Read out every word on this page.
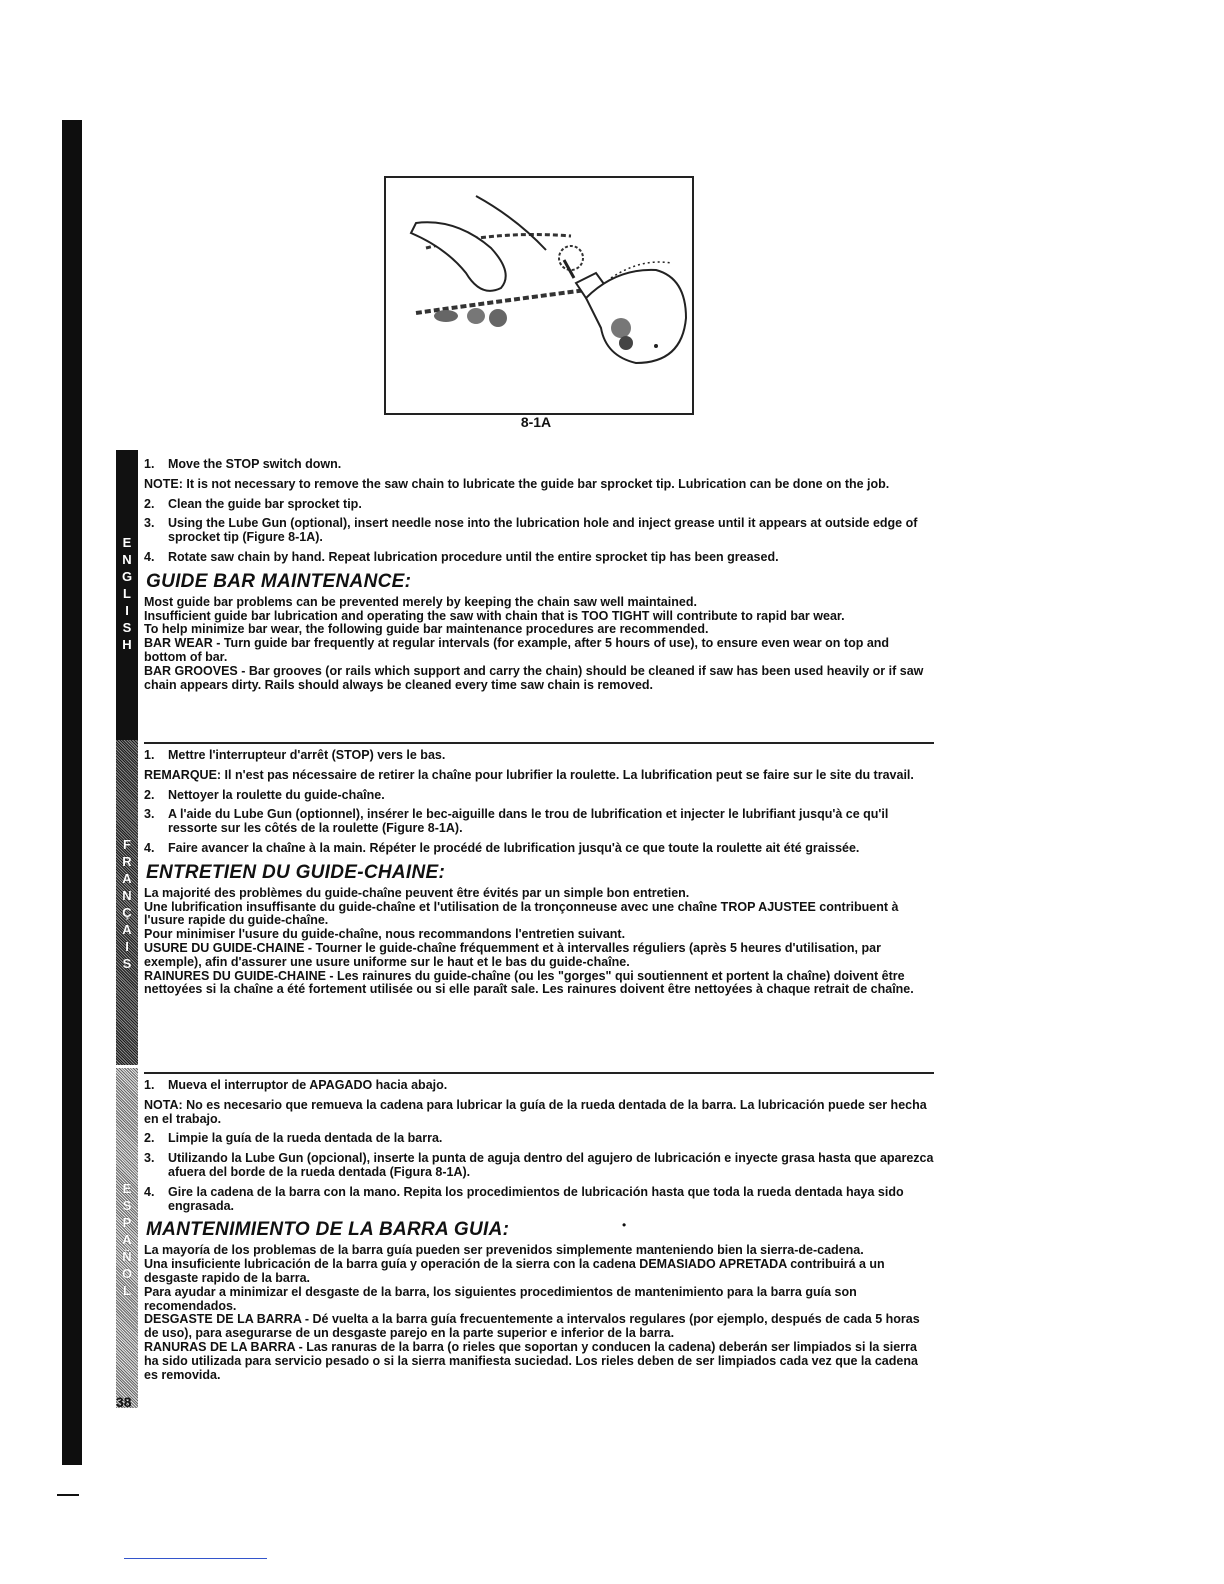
8-1A
E
N
G
L
I
S
H
F
R
A
N
Ç
A
I
S
E
S
P
A
Ñ
O
L
1.	Move the STOP switch down.
NOTE: It is not necessary to remove the saw chain to lubricate the guide bar sprocket tip. Lubrication can be done on the job.
2.	Clean the guide bar sprocket tip.
3.	Using the Lube Gun (optional), insert needle nose into the lubrication hole and inject grease until it appears at outside edge of sprocket tip (Figure 8-1A).
4.	Rotate saw chain by hand. Repeat lubrication procedure until the entire sprocket tip has been greased.
GUIDE BAR MAINTENANCE:
Most guide bar problems can be prevented merely by keeping the chain saw well maintained.
Insufficient guide bar lubrication and operating the saw with chain that is TOO TIGHT will contribute to rapid bar wear.
To help minimize bar wear, the following guide bar maintenance procedures are recommended.
BAR WEAR - Turn guide bar frequently at regular intervals (for example, after 5 hours of use), to ensure even wear on top and bottom of bar.
BAR GROOVES - Bar grooves (or rails which support and carry the chain) should be cleaned if saw has been used heavily or if saw chain appears dirty. Rails should always be cleaned every time saw chain is removed.
1.	Mettre l'interrupteur d'arrêt (STOP) vers le bas.
REMARQUE: Il n'est pas nécessaire de retirer la chaîne pour lubrifier la roulette. La lubrification peut se faire sur le site du travail.
2.	Nettoyer la roulette du guide-chaîne.
3.	A l'aide du Lube Gun (optionnel), insérer le bec-aiguille dans le trou de lubrification et injecter le lubrifiant jusqu'à ce qu'il ressorte sur les côtés de la roulette (Figure 8-1A).
4.	Faire avancer la chaîne à la main. Répéter le procédé de lubrification jusqu'à ce que toute la roulette ait été graissée.
ENTRETIEN DU GUIDE-CHAINE:
La majorité des problèmes du guide-chaîne peuvent être évités par un simple bon entretien.
Une lubrification insuffisante du guide-chaîne et l'utilisation de la tronçonneuse avec une chaîne TROP AJUSTEE contribuent à l'usure rapide du guide-chaîne.
Pour minimiser l'usure du guide-chaîne, nous recommandons l'entretien suivant.
USURE DU GUIDE-CHAINE - Tourner le guide-chaîne fréquemment et à intervalles réguliers (après 5 heures d'utilisation, par exemple), afin d'assurer une usure uniforme sur le haut et le bas du guide-chaîne.
RAINURES DU GUIDE-CHAINE - Les rainures du guide-chaîne (ou les "gorges" qui soutiennent et portent la chaîne) doivent être nettoyées si la chaîne a été fortement utilisée ou si elle paraît sale. Les rainures doivent être nettoyées à chaque retrait de chaîne.
1.	Mueva el interruptor de APAGADO hacia abajo.
NOTA: No es necesario que remueva la cadena para lubricar la guía de la rueda dentada de la barra. La lubricación puede ser hecha en el trabajo.
2.	Limpie la guía de la rueda dentada de la barra.
3.	Utilizando la Lube Gun (opcional), inserte la punta de aguja dentro del agujero de lubricación e inyecte grasa hasta que aparezca afuera del borde de la rueda dentada (Figura 8-1A).
4.	Gire la cadena de la barra con la mano. Repita los procedimientos de lubricación hasta que toda la rueda dentada haya sido engrasada.
MANTENIMIENTO DE LA BARRA GUIA:
La mayoría de los problemas de la barra guía pueden ser prevenidos simplemente manteniendo bien la sierra-de-cadena.
Una insuficiente lubricación de la barra guía y operación de la sierra con la cadena DEMASIADO APRETADA contribuirá a un desgaste rapido de la barra.
Para ayudar a minimizar el desgaste de la barra, los siguientes procedimientos de mantenimiento para la barra guía son recomendados.
DESGASTE DE LA BARRA - Dé vuelta a la barra guía frecuentemente a intervalos regulares (por ejemplo, después de cada 5 horas de uso), para asegurarse de un desgaste parejo en la parte superior e inferior de la barra.
RANURAS DE LA BARRA - Las ranuras de la barra (o rieles que soportan y conducen la cadena) deberán ser limpiados si la sierra ha sido utilizada para servicio pesado o si la sierra manifiesta suciedad. Los rieles deben de ser limpiados cada vez que la cadena es removida.
•
38
